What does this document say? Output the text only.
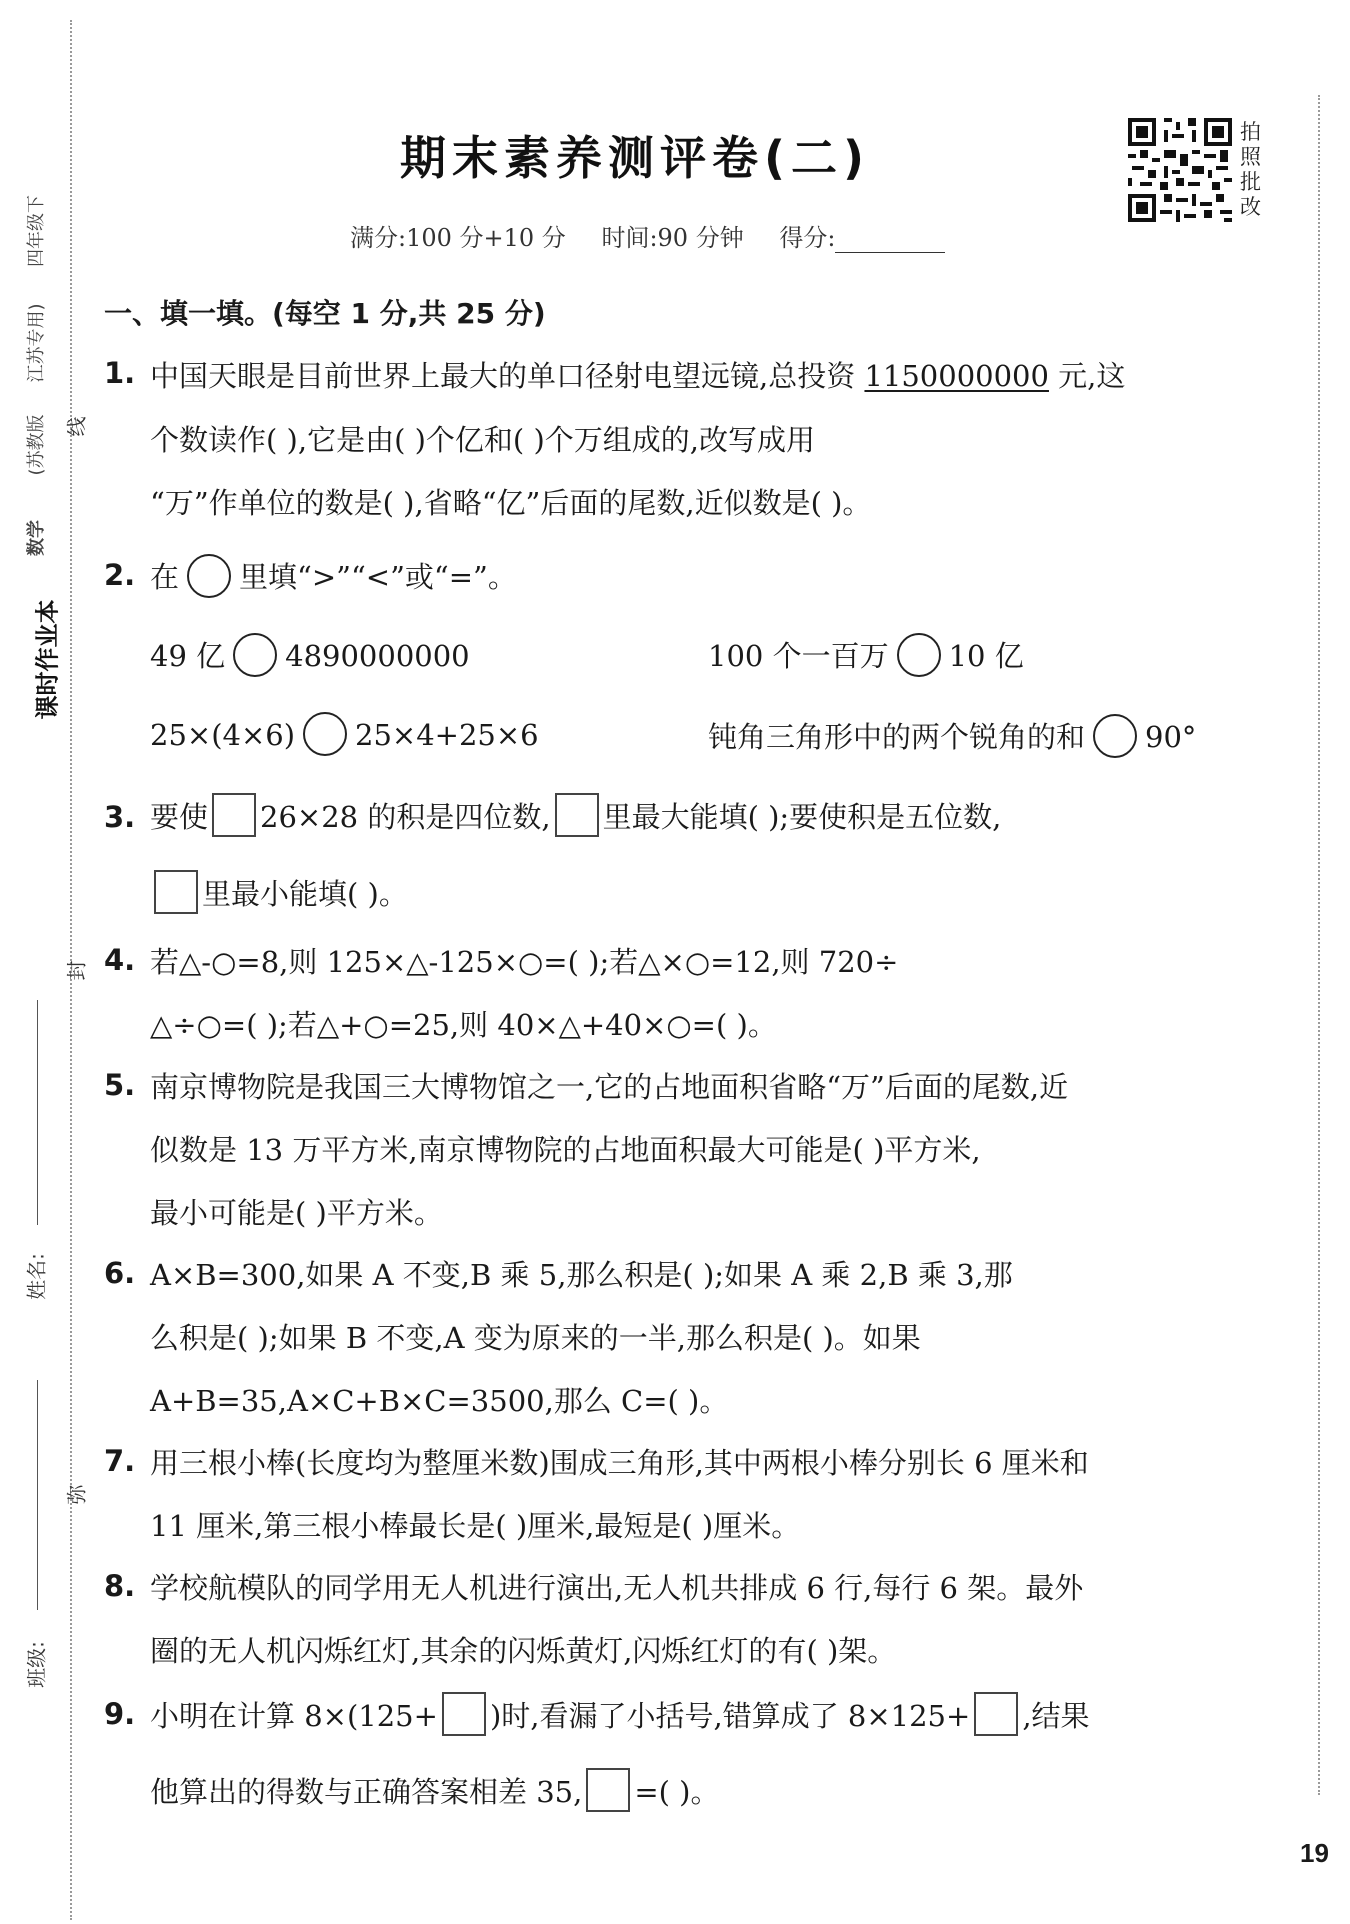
课时作业本
数学
(苏教版
江苏专用)
四年级下
线
封
弥
姓名:
班级:
期末素养测评卷(二)
满分:100 分+10 分 时间:90 分钟 得分:
拍照批改
一、填一填。(每空 1 分,共 25 分)
1. 中国天眼是目前世界上最大的单口径射电望远镜,总投资 1150000000 元,这
个数读作( ),它是由( )个亿和( )个万组成的,改写成用
“万”作单位的数是( ),省略“亿”后面的尾数,近似数是( )。
2. 在 里填“>”“<”或“=”。
49 亿 4890000000	100 个一百万 10 亿
25×(4×6) 25×4+25×6	钝角三角形中的两个锐角的和 90°
3. 要使 26×28 的积是四位数, 里最大能填( );要使积是五位数,
里最小能填( )。
4. 若△-○=8,则 125×△-125×○=( );若△×○=12,则 720÷
△÷○=( );若△+○=25,则 40×△+40×○=( )。
5. 南京博物院是我国三大博物馆之一,它的占地面积省略“万”后面的尾数,近
似数是 13 万平方米,南京博物院的占地面积最大可能是( )平方米,
最小可能是( )平方米。
6. A×B=300,如果 A 不变,B 乘 5,那么积是( );如果 A 乘 2,B 乘 3,那
么积是( );如果 B 不变,A 变为原来的一半,那么积是( )。如果
A+B=35,A×C+B×C=3500,那么 C=( )。
7. 用三根小棒(长度均为整厘米数)围成三角形,其中两根小棒分别长 6 厘米和
11 厘米,第三根小棒最长是( )厘米,最短是( )厘米。
8. 学校航模队的同学用无人机进行演出,无人机共排成 6 行,每行 6 架。最外
圈的无人机闪烁红灯,其余的闪烁黄灯,闪烁红灯的有( )架。
9. 小明在计算 8×(125+ )时,看漏了小括号,错算成了 8×125+ ,结果
他算出的得数与正确答案相差 35, =( )。
19
